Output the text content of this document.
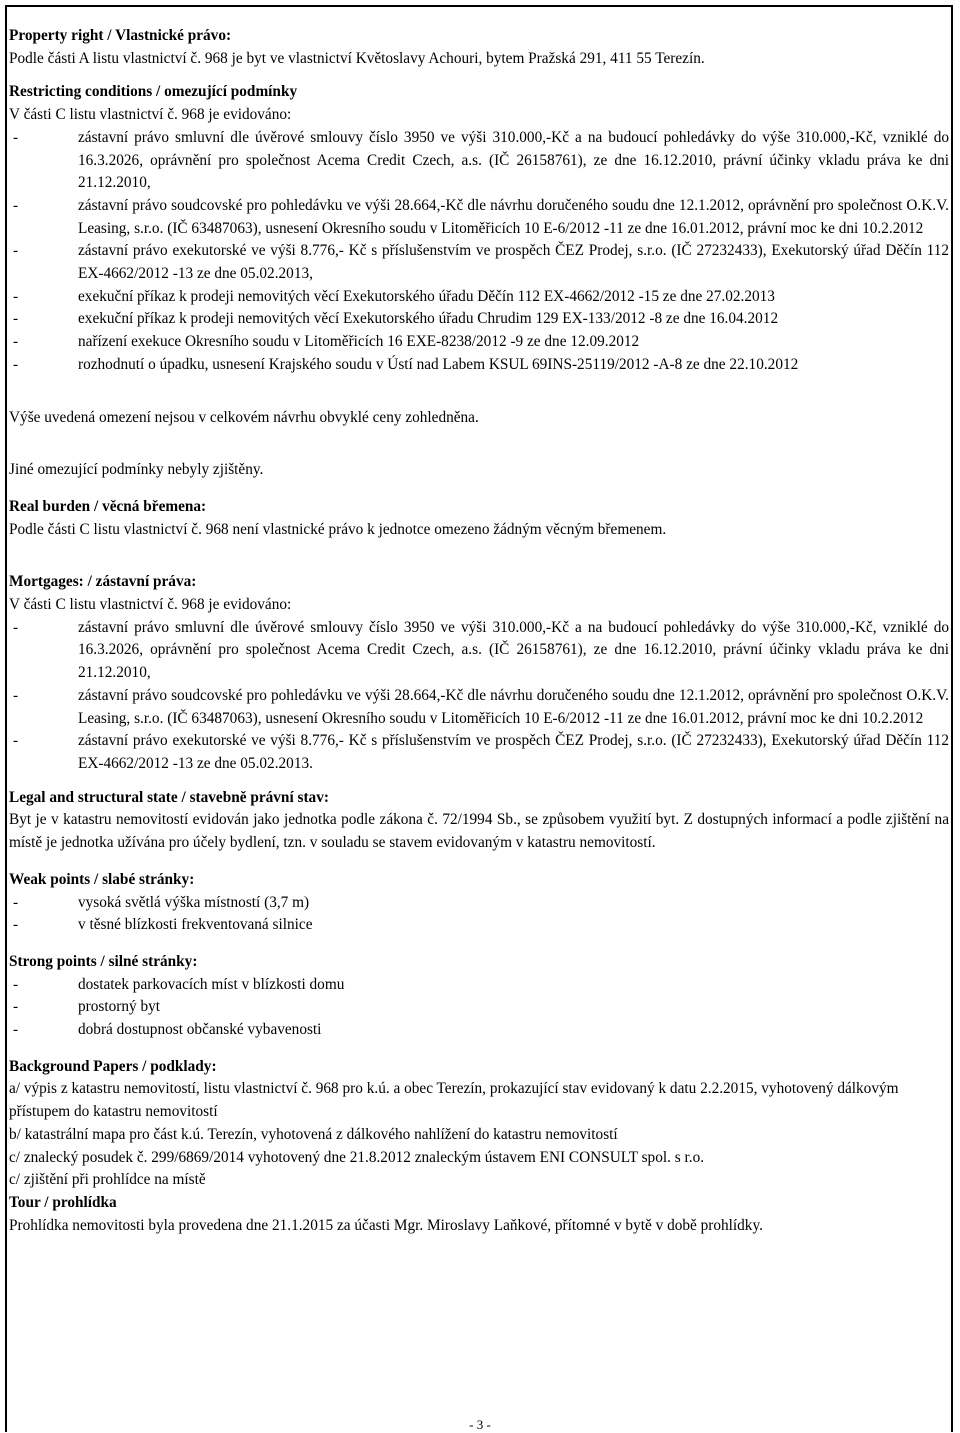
Property right / Vlastnické právo:

Podle části A listu vlastnictví č. 968 je byt ve vlastnictví Květoslavy Achouri, bytem Pražská 291, 411 55 Terezín.

Restricting conditions / omezující podmínky

V části C listu vlastnictví č. 968 je evidováno:

- zástavní právo smluvní dle úvěrové smlouvy číslo 3950 ve výši 310.000,-Kč a na budoucí pohledávky do výše 310.000,-Kč, vzniklé do 16.3.2026, oprávnění pro společnost Acema Credit Czech, a.s. (IČ 26158761), ze dne 16.12.2010, právní účinky vkladu práva ke dni 21.12.2010,
- zástavní právo soudcovské pro pohledávku ve výši 28.664,-Kč dle návrhu doručeného soudu dne 12.1.2012, oprávnění pro společnost O.K.V. Leasing, s.r.o. (IČ 63487063), usnesení Okresního soudu v Litoměřicích 10 E-6/2012 -11 ze dne 16.01.2012, právní moc ke dni 10.2.2012
- zástavní právo exekutorské ve výši 8.776,- Kč s příslušenstvím ve prospěch ČEZ Prodej, s.r.o. (IČ 27232433), Exekutorský úřad Děčín 112 EX-4662/2012 -13 ze dne 05.02.2013,
- exekuční příkaz k prodeji nemovitých věcí Exekutorského úřadu Děčín 112 EX-4662/2012 -15 ze dne 27.02.2013
- exekuční příkaz k prodeji nemovitých věcí Exekutorského úřadu Chrudim 129 EX-133/2012 -8 ze dne 16.04.2012
- nařízení exekuce Okresního soudu v Litoměřicích 16 EXE-8238/2012 -9 ze dne 12.09.2012
- rozhodnutí o úpadku, usnesení Krajského soudu v Ústí nad Labem KSUL 69INS-25119/2012 -A-8 ze dne 22.10.2012

Výše uvedená omezení nejsou v celkovém návrhu obvyklé ceny zohledněna.

Jiné omezující podmínky nebyly zjištěny.

Real burden / věcná břemena:

Podle části C listu vlastnictví č. 968 není vlastnické právo k jednotce omezeno žádným věcným břemenem.

Mortgages: / zástavní práva:

V části C listu vlastnictví č. 968 je evidováno:

- zástavní právo smluvní dle úvěrové smlouvy číslo 3950 ve výši 310.000,-Kč a na budoucí pohledávky do výše 310.000,-Kč, vzniklé do 16.3.2026, oprávnění pro společnost Acema Credit Czech, a.s. (IČ 26158761), ze dne 16.12.2010, právní účinky vkladu práva ke dni 21.12.2010,
- zástavní právo soudcovské pro pohledávku ve výši 28.664,-Kč dle návrhu doručeného soudu dne 12.1.2012, oprávnění pro společnost O.K.V. Leasing, s.r.o. (IČ 63487063), usnesení Okresního soudu v Litoměřicích 10 E-6/2012 -11 ze dne 16.01.2012, právní moc ke dni 10.2.2012
- zástavní právo exekutorské ve výši 8.776,- Kč s příslušenstvím ve prospěch ČEZ Prodej, s.r.o. (IČ 27232433), Exekutorský úřad Děčín 112 EX-4662/2012 -13 ze dne 05.02.2013.

Legal and structural state / stavebně právní stav:

Byt je v katastru nemovitostí evidován jako jednotka podle zákona č. 72/1994 Sb., se způsobem využití byt. Z dostupných informací a podle zjištění na místě je jednotka užívána pro účely bydlení, tzn. v souladu se stavem evidovaným v katastru nemovitostí.

Weak points / slabé stránky:

- vysoká světlá výška místností (3,7 m)
- v těsné blízkosti frekventovaná silnice

Strong points / silné stránky:

- dostatek parkovacích míst v blízkosti domu
- prostorný byt
- dobrá dostupnost občanské vybavenosti

Background Papers / podklady:

a/ výpis z katastru nemovitostí, listu vlastnictví č. 968 pro k.ú. a obec Terezín, prokazující stav evidovaný k datu 2.2.2015, vyhotovený dálkovým přístupem do katastru nemovitostí

b/ katastrální mapa pro část k.ú. Terezín, vyhotovená z dálkového nahlížení do katastru nemovitostí

c/ znalecký posudek č. 299/6869/2014 vyhotovený dne 21.8.2012 znaleckým ústavem ENI CONSULT spol. s r.o.

c/ zjištění při prohlídce na místě

Tour / prohlídka

Prohlídka nemovitosti byla provedena dne 21.1.2015 za účasti Mgr. Miroslavy Laňkové, přítomné v bytě v době prohlídky.

- 3 -
